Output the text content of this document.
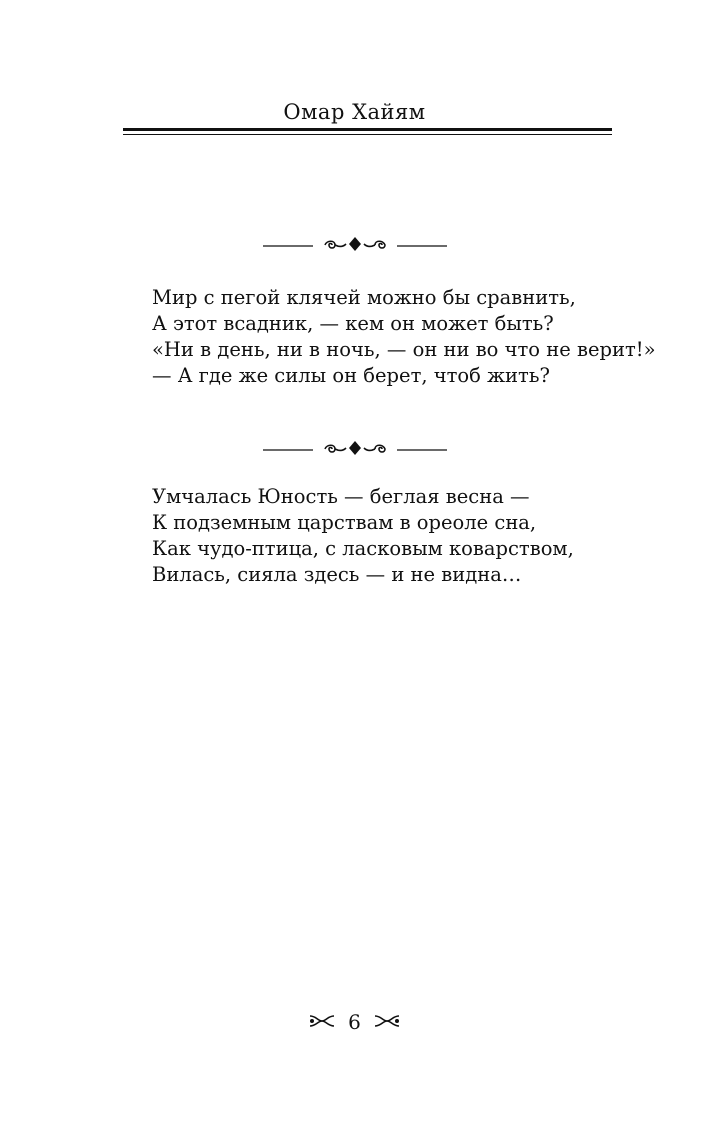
Омар Хайям
Мир с пегой клячей можно бы сравнить,
А этот всадник, — кем он может быть?
«Ни в день, ни в ночь, — он ни во что не верит!»
— А где же силы он берет, чтоб жить?
Умчалась Юность — беглая весна —
К подземным царствам в ореоле сна,
Как чудо-птица, с ласковым коварством,
Вилась, сияла здесь — и не видна…
6
